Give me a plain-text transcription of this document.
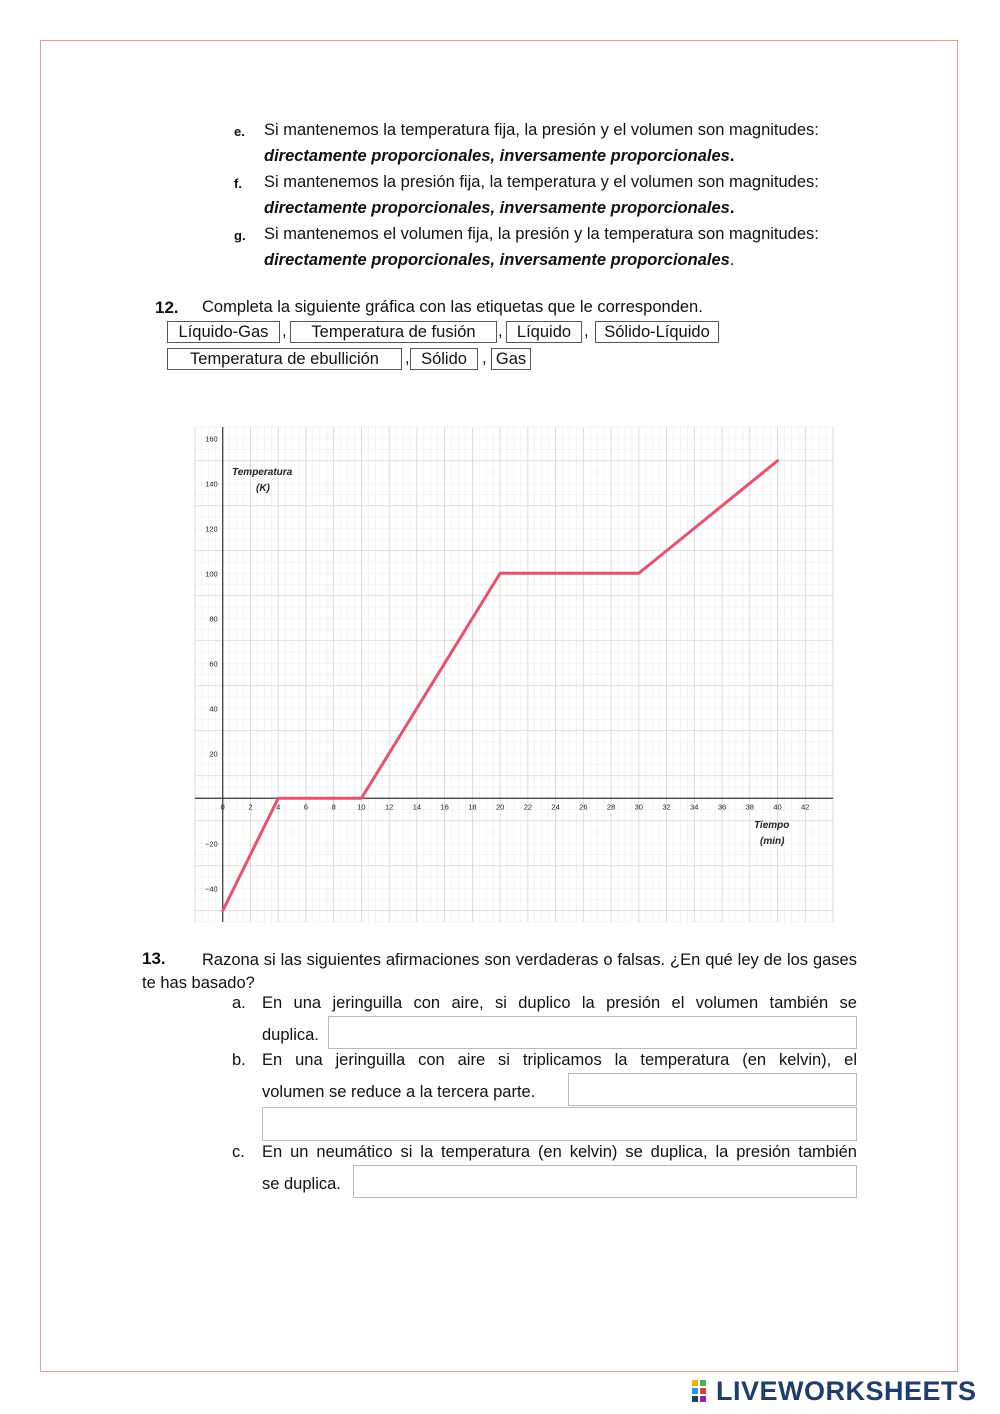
e. Si mantenemos la temperatura fija, la presión y el volumen son magnitudes:
directamente proporcionales, inversamente proporcionales.
f. Si mantenemos la presión fija, la temperatura y el volumen son magnitudes:
directamente proporcionales, inversamente proporcionales.
g. Si mantenemos el volumen fija, la presión y la temperatura son magnitudes:
directamente proporcionales, inversamente proporcionales.
12. Completa la siguiente gráfica con las etiquetas que le corresponden.
Líquido-Gas ,	Temperatura de fusión	, Líquido , Sólido-Líquido
Temperatura de ebullición	, Sólido , Gas
0	2	4	6	8	10	12	14	16	18	20	22	24	26	28	30	32	34	36	38	40	42
−40
−20
20
40
60
80
100
120
140
160
Temperatura
(K)
Tiempo
(min)
13.	Razona si las siguientes afirmaciones son verdaderas o falsas. ¿En qué ley de los gases te has basado?
a. En una jeringuilla con aire, si duplico la presión el volumen también se
duplica.
b. En una jeringuilla con aire si triplicamos la temperatura (en kelvin), el
volumen se reduce a la tercera parte.
c. En un neumático si la temperatura (en kelvin) se duplica, la presión también
se duplica.
LIVEWORKSHEETS
